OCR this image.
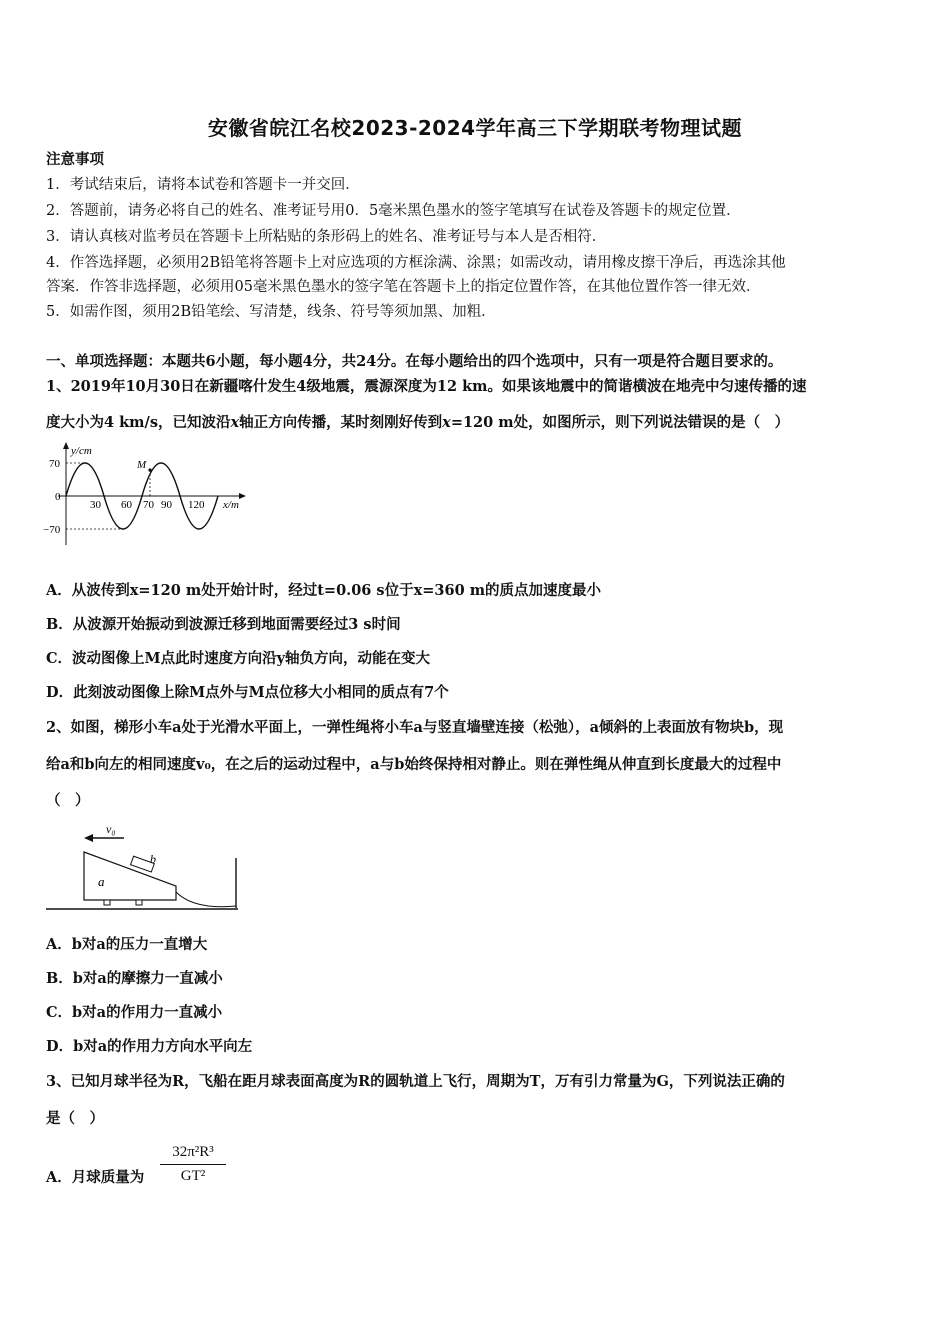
安徽省皖江名校2023-2024学年高三下学期联考物理试题
注意事项
1．考试结束后，请将本试卷和答题卡一并交回．
2．答题前，请务必将自己的姓名、准考证号用0．5毫米黑色墨水的签字笔填写在试卷及答题卡的规定位置．
3．请认真核对监考员在答题卡上所粘贴的条形码上的姓名、准考证号与本人是否相符．
4．作答选择题，必须用2B铅笔将答题卡上对应选项的方框涂满、涂黑；如需改动，请用橡皮擦干净后，再选涂其他
答案．作答非选择题，必须用05毫米黑色墨水的签字笔在答题卡上的指定位置作答，在其他位置作答一律无效．
5．如需作图，须用2B铅笔绘、写清楚，线条、符号等须加黑、加粗．
一、单项选择题：本题共6小题，每小题4分，共24分。在每小题给出的四个选项中，只有一项是符合题目要求的。
1、2019年10月30日在新疆喀什发生4级地震，震源深度为12 km。如果该地震中的简谐横波在地壳中匀速传播的速
度大小为4 km/s，已知波沿x轴正方向传播，某时刻刚好传到x=120 m处，如图所示，则下列说法错误的是（　）
y/cm
x/m
70
−70
0
M
30 60 70 90 120
A．从波传到x=120 m处开始计时，经过t=0.06 s位于x=360 m的质点加速度最小
B．从波源开始振动到波源迁移到地面需要经过3 s时间
C．波动图像上M点此时速度方向沿y轴负方向，动能在变大
D．此刻波动图像上除M点外与M点位移大小相同的质点有7个
2、如图，梯形小车a处于光滑水平面上，一弹性绳将小车a与竖直墙壁连接（松弛），a倾斜的上表面放有物块b，现
给a和b向左的相同速度v₀，在之后的运动过程中，a与b始终保持相对静止。则在弹性绳从伸直到长度最大的过程中
（　）
v₀
b
a
A．b对a的压力一直增大
B．b对a的摩擦力一直减小
C．b对a的作用力一直减小
D．b对a的作用力方向水平向左
3、已知月球半径为R，飞船在距月球表面高度为R的圆轨道上飞行，周期为T，万有引力常量为G，下列说法正确的
是（　）
A．月球质量为	$\frac{\text{32π²R³}}{\text{GT²}}$
